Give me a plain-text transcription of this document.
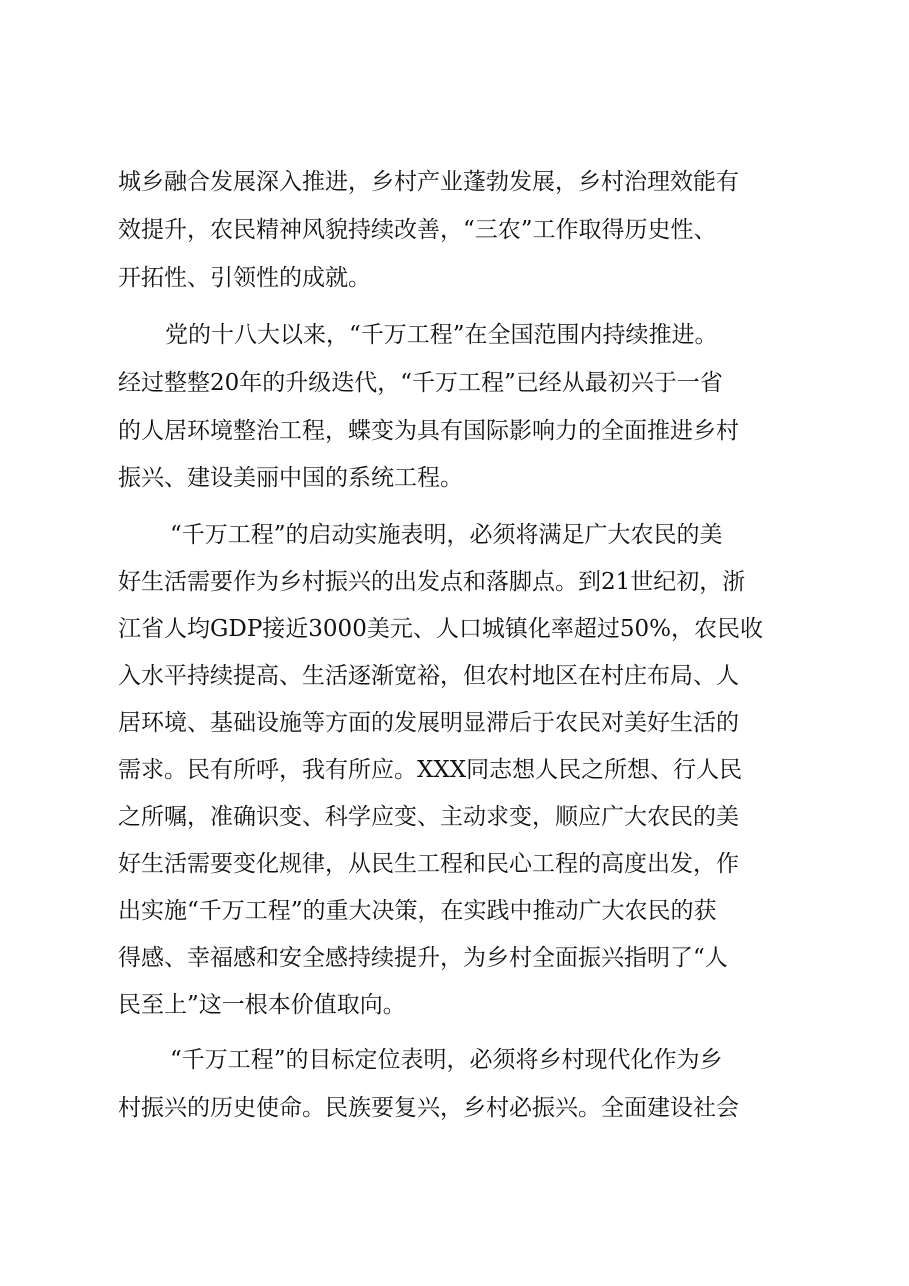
城乡融合发展深入推进，乡村产业蓬勃发展，乡村治理效能有
效提升，农民精神风貌持续改善，“三农”工作取得历史性、
开拓性、引领性的成就。
党的十八大以来，“千万工程”在全国范围内持续推进。
经过整整20年的升级迭代，“千万工程”已经从最初兴于一省
的人居环境整治工程，蝶变为具有国际影响力的全面推进乡村
振兴、建设美丽中国的系统工程。
“千万工程”的启动实施表明，必须将满足广大农民的美
好生活需要作为乡村振兴的出发点和落脚点。到21世纪初，浙
江省人均GDP接近3000美元、人口城镇化率超过50%，农民收
入水平持续提高、生活逐渐宽裕，但农村地区在村庄布局、人
居环境、基础设施等方面的发展明显滞后于农民对美好生活的
需求。民有所呼，我有所应。XXX同志想人民之所想、行人民
之所嘱，准确识变、科学应变、主动求变，顺应广大农民的美
好生活需要变化规律，从民生工程和民心工程的高度出发，作
出实施“千万工程”的重大决策，在实践中推动广大农民的获
得感、幸福感和安全感持续提升，为乡村全面振兴指明了“人
民至上”这一根本价值取向。
“千万工程”的目标定位表明，必须将乡村现代化作为乡
村振兴的历史使命。民族要复兴，乡村必振兴。全面建设社会
